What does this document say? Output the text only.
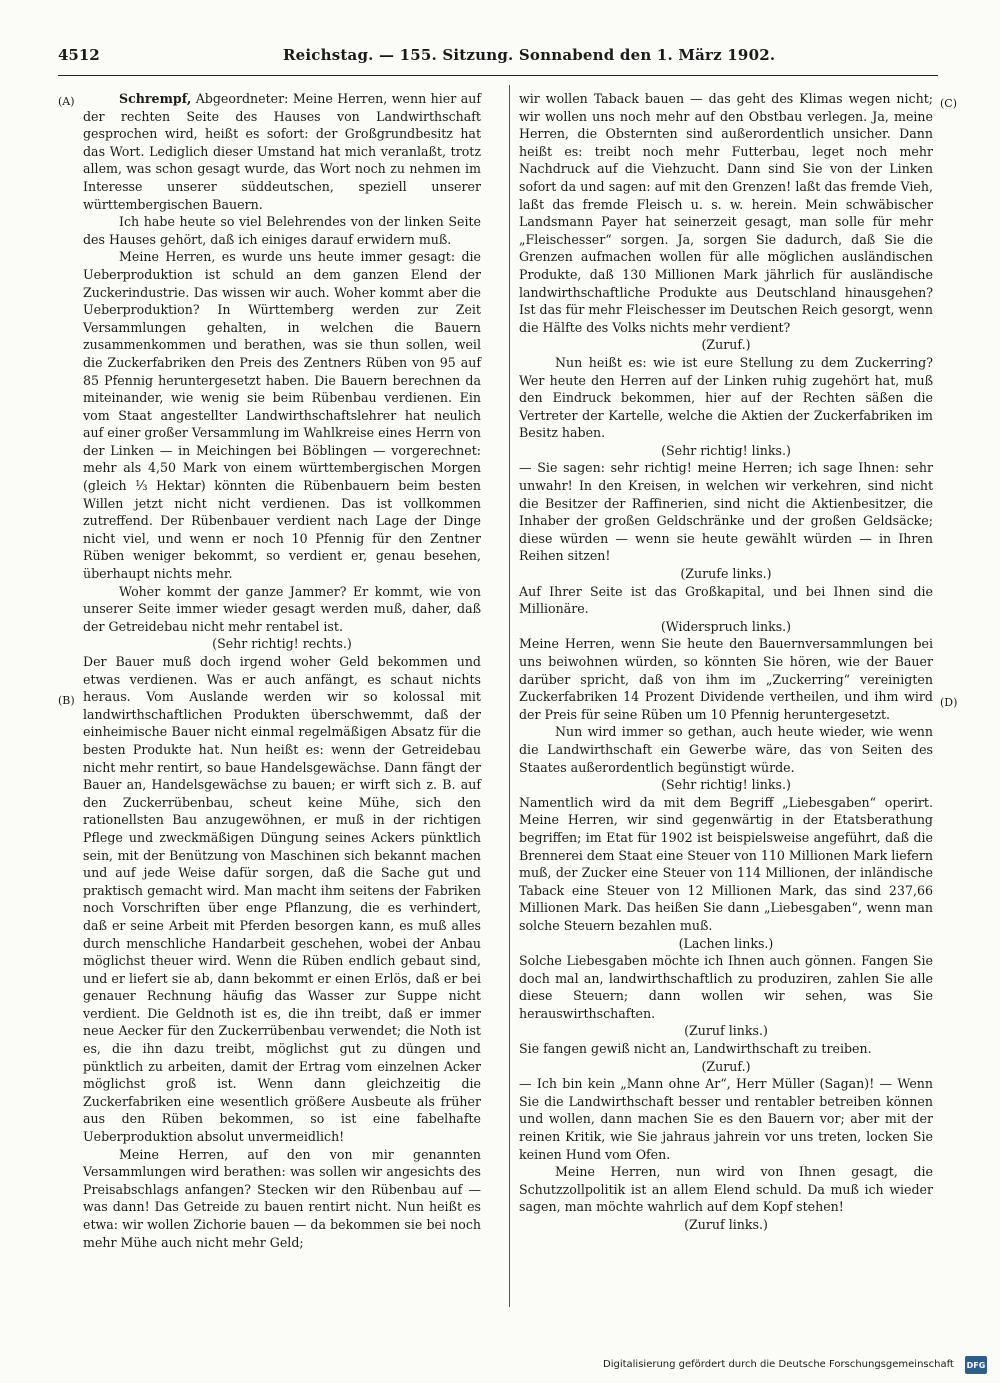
4512	Reichstag. — 155. Sitzung. Sonnabend den 1. März 1902.
(A)
(B)
(C)
(D)

Schrempf, Abgeordneter: Meine Herren, wenn hier auf der rechten Seite des Hauses von Landwirthschaft gesprochen wird, heißt es sofort: der Großgrundbesitz hat das Wort. Lediglich dieser Umstand hat mich veranlaßt, trotz allem, was schon gesagt wurde, das Wort noch zu nehmen im Interesse unserer süddeutschen, speziell unserer württembergischen Bauern.

Ich habe heute so viel Belehrendes von der linken Seite des Hauses gehört, daß ich einiges darauf erwidern muß.

Meine Herren, es wurde uns heute immer gesagt: die Ueberproduktion ist schuld an dem ganzen Elend der Zuckerindustrie. Das wissen wir auch. Woher kommt aber die Ueberproduktion? In Württemberg werden zur Zeit Versammlungen gehalten, in welchen die Bauern zusammenkommen und berathen, was sie thun sollen, weil die Zuckerfabriken den Preis des Zentners Rüben von 95 auf 85 Pfennig heruntergesetzt haben. Die Bauern berechnen da miteinander, wie wenig sie beim Rübenbau verdienen. Ein vom Staat angestellter Landwirthschaftslehrer hat neulich auf einer großer Versammlung im Wahlkreise eines Herrn von der Linken — in Meichingen bei Böblingen — vorgerechnet: mehr als 4,50 Mark von einem württembergischen Morgen (gleich ⅓ Hektar) könnten die Rübenbauern beim besten Willen jetzt nicht nicht verdienen. Das ist vollkommen zutreffend. Der Rübenbauer verdient nach Lage der Dinge nicht viel, und wenn er noch 10 Pfennig für den Zentner Rüben weniger bekommt, so verdient er, genau besehen, überhaupt nichts mehr.

Woher kommt der ganze Jammer? Er kommt, wie von unserer Seite immer wieder gesagt werden muß, daher, daß der Getreidebau nicht mehr rentabel ist.

(Sehr richtig! rechts.)

Der Bauer muß doch irgend woher Geld bekommen und etwas verdienen. Was er auch anfängt, es schaut nichts heraus. Vom Auslande werden wir so kolossal mit landwirthschaftlichen Produkten überschwemmt, daß der einheimische Bauer nicht einmal regelmäßigen Absatz für die besten Produkte hat. Nun heißt es: wenn der Getreidebau nicht mehr rentirt, so baue Handelsgewächse. Dann fängt der Bauer an, Handelsgewächse zu bauen; er wirft sich z. B. auf den Zuckerrübenbau, scheut keine Mühe, sich den rationellsten Bau anzugewöhnen, er muß in der richtigen Pflege und zweckmäßigen Düngung seines Ackers pünktlich sein, mit der Benützung von Maschinen sich bekannt machen und auf jede Weise dafür sorgen, daß die Sache gut und praktisch gemacht wird. Man macht ihm seitens der Fabriken noch Vorschriften über enge Pflanzung, die es verhindert, daß er seine Arbeit mit Pferden besorgen kann, es muß alles durch menschliche Handarbeit geschehen, wobei der Anbau möglichst theuer wird. Wenn die Rüben endlich gebaut sind, und er liefert sie ab, dann bekommt er einen Erlös, daß er bei genauer Rechnung häufig das Wasser zur Suppe nicht verdient. Die Geldnoth ist es, die ihn treibt, daß er immer neue Aecker für den Zuckerrübenbau verwendet; die Noth ist es, die ihn dazu treibt, möglichst gut zu düngen und pünktlich zu arbeiten, damit der Ertrag vom einzelnen Acker möglichst groß ist. Wenn dann gleichzeitig die Zuckerfabriken eine wesentlich größere Ausbeute als früher aus den Rüben bekommen, so ist eine fabelhafte Ueberproduktion absolut unvermeidlich!

Meine Herren, auf den von mir genannten Versammlungen wird berathen: was sollen wir angesichts des Preisabschlags anfangen? Stecken wir den Rübenbau auf — was dann! Das Getreide zu bauen rentirt nicht. Nun heißt es etwa: wir wollen Zichorie bauen — da bekommen sie bei noch mehr Mühe auch nicht mehr Geld;

wir wollen Taback bauen — das geht des Klimas wegen nicht; wir wollen uns noch mehr auf den Obstbau verlegen. Ja, meine Herren, die Obsternten sind außerordentlich unsicher. Dann heißt es: treibt noch mehr Futterbau, leget noch mehr Nachdruck auf die Viehzucht. Dann sind Sie von der Linken sofort da und sagen: auf mit den Grenzen! laßt das fremde Vieh, laßt das fremde Fleisch u. s. w. herein. Mein schwäbischer Landsmann Payer hat seinerzeit gesagt, man solle für mehr „Fleischesser“ sorgen. Ja, sorgen Sie dadurch, daß Sie die Grenzen aufmachen wollen für alle möglichen ausländischen Produkte, daß 130 Millionen Mark jährlich für ausländische landwirthschaftliche Produkte aus Deutschland hinausgehen? Ist das für mehr Fleischesser im Deutschen Reich gesorgt, wenn die Hälfte des Volks nichts mehr verdient?

(Zuruf.)

Nun heißt es: wie ist eure Stellung zu dem Zuckerring? Wer heute den Herren auf der Linken ruhig zugehört hat, muß den Eindruck bekommen, hier auf der Rechten säßen die Vertreter der Kartelle, welche die Aktien der Zuckerfabriken im Besitz haben.

(Sehr richtig! links.)

— Sie sagen: sehr richtig! meine Herren; ich sage Ihnen: sehr unwahr! In den Kreisen, in welchen wir verkehren, sind nicht die Besitzer der Raffinerien, sind nicht die Aktienbesitzer, die Inhaber der großen Geldschränke und der großen Geldsäcke; diese würden — wenn sie heute gewählt würden — in Ihren Reihen sitzen!

(Zurufe links.)

Auf Ihrer Seite ist das Großkapital, und bei Ihnen sind die Millionäre.

(Widerspruch links.)

Meine Herren, wenn Sie heute den Bauernversammlungen bei uns beiwohnen würden, so könnten Sie hören, wie der Bauer darüber spricht, daß von ihm im „Zuckerring“ vereinigten Zuckerfabriken 14 Prozent Dividende vertheilen, und ihm wird der Preis für seine Rüben um 10 Pfennig heruntergesetzt.

Nun wird immer so gethan, auch heute wieder, wie wenn die Landwirthschaft ein Gewerbe wäre, das von Seiten des Staates außerordentlich begünstigt würde.

(Sehr richtig! links.)

Namentlich wird da mit dem Begriff „Liebesgaben“ operirt. Meine Herren, wir sind gegenwärtig in der Etatsberathung begriffen; im Etat für 1902 ist beispielsweise angeführt, daß die Brennerei dem Staat eine Steuer von 110 Millionen Mark liefern muß, der Zucker eine Steuer von 114 Millionen, der inländische Taback eine Steuer von 12 Millionen Mark, das sind 237,66 Millionen Mark. Das heißen Sie dann „Liebesgaben“, wenn man solche Steuern bezahlen muß.

(Lachen links.)

Solche Liebesgaben möchte ich Ihnen auch gönnen. Fangen Sie doch mal an, landwirthschaftlich zu produziren, zahlen Sie alle diese Steuern; dann wollen wir sehen, was Sie herauswirthschaften.

(Zuruf links.)

Sie fangen gewiß nicht an, Landwirthschaft zu treiben.

(Zuruf.)

— Ich bin kein „Mann ohne Ar“, Herr Müller (Sagan)! — Wenn Sie die Landwirthschaft besser und rentabler betreiben können und wollen, dann machen Sie es den Bauern vor; aber mit der reinen Kritik, wie Sie jahraus jahrein vor uns treten, locken Sie keinen Hund vom Ofen.

Meine Herren, nun wird von Ihnen gesagt, die Schutzzollpolitik ist an allem Elend schuld. Da muß ich wieder sagen, man möchte wahrlich auf dem Kopf stehen!

(Zuruf links.)

Digitalisierung gefördert durch die Deutsche Forschungsgemeinschaft DFG
